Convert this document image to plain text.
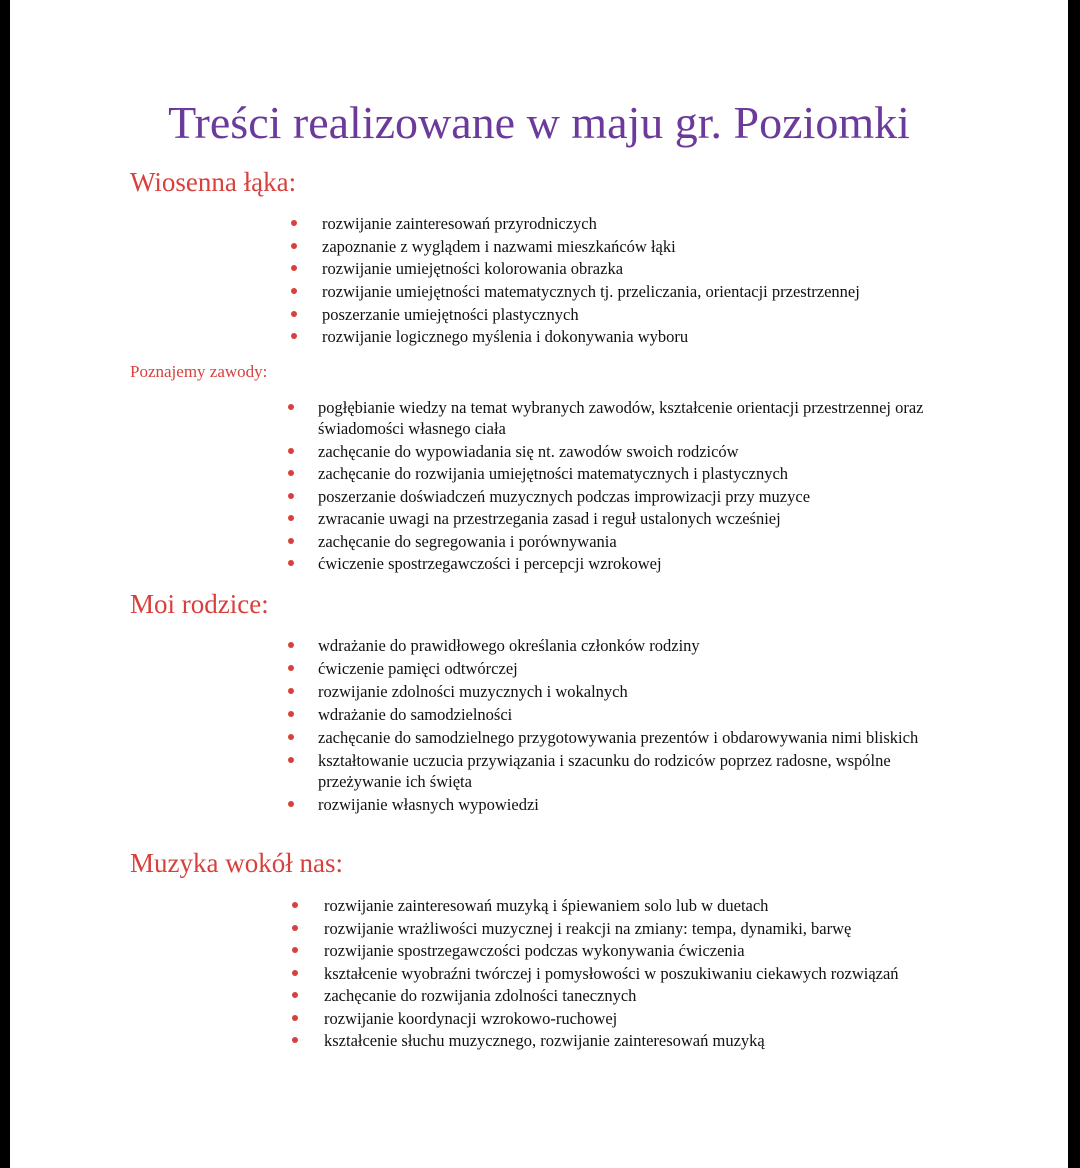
Treści realizowane w maju gr. Poziomki
Wiosenna łąka:
rozwijanie zainteresowań przyrodniczych
zapoznanie z wyglądem i nazwami mieszkańców łąki
rozwijanie umiejętności kolorowania obrazka
rozwijanie umiejętności matematycznych tj. przeliczania, orientacji przestrzennej
poszerzanie umiejętności plastycznych
rozwijanie logicznego myślenia i dokonywania wyboru
Poznajemy zawody:
pogłębianie wiedzy na temat wybranych zawodów, kształcenie orientacji przestrzennej oraz świadomości własnego ciała
zachęcanie do wypowiadania się nt. zawodów swoich rodziców
zachęcanie do rozwijania umiejętności matematycznych i plastycznych
poszerzanie doświadczeń muzycznych podczas improwizacji przy muzyce
zwracanie uwagi na przestrzegania zasad i reguł ustalonych wcześniej
zachęcanie do segregowania i porównywania
ćwiczenie spostrzegawczości i percepcji wzrokowej
Moi rodzice:
wdrażanie do prawidłowego określania członków rodziny
ćwiczenie pamięci odtwórczej
rozwijanie zdolności muzycznych i wokalnych
wdrażanie do samodzielności
zachęcanie do samodzielnego przygotowywania prezentów i obdarowywania nimi bliskich
kształtowanie uczucia przywiązania i szacunku do rodziców poprzez radosne, wspólne przeżywanie ich święta
rozwijanie własnych wypowiedzi
Muzyka wokół nas:
rozwijanie zainteresowań muzyką i śpiewaniem solo lub w duetach
rozwijanie wrażliwości muzycznej i reakcji na zmiany: tempa, dynamiki, barwę
rozwijanie spostrzegawczości podczas wykonywania ćwiczenia
kształcenie wyobraźni twórczej i pomysłowości w poszukiwaniu ciekawych rozwiązań
zachęcanie do rozwijania zdolności tanecznych
rozwijanie koordynacji wzrokowo-ruchowej
kształcenie słuchu muzycznego, rozwijanie zainteresowań muzyką
